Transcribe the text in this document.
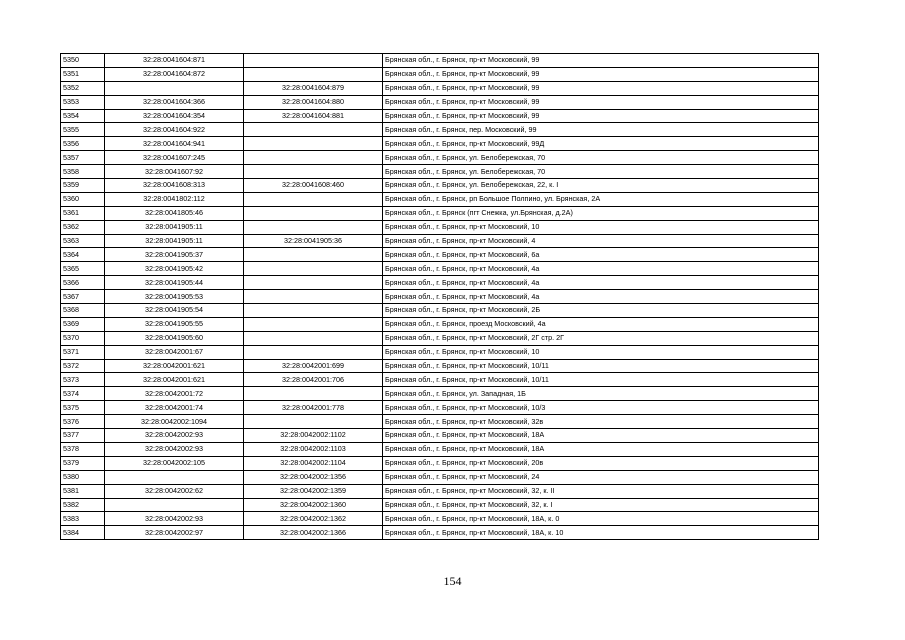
5350	32:28:0041604:871		Брянская обл., г. Брянск, пр-кт Московский, 99
5351	32:28:0041604:872		Брянская обл., г. Брянск, пр-кт Московский, 99
5352		32:28:0041604:879	Брянская обл., г. Брянск, пр-кт Московский, 99
5353	32:28:0041604:366	32:28:0041604:880	Брянская обл., г. Брянск, пр-кт Московский, 99
5354	32:28:0041604:354	32:28:0041604:881	Брянская обл., г. Брянск, пр-кт Московский, 99
5355	32:28:0041604:922		Брянская обл., г. Брянск, пер. Московский, 99
5356	32:28:0041604:941		Брянская обл., г. Брянск, пр-кт Московский, 99Д
5357	32:28:0041607:245		Брянская обл., г. Брянск, ул. Белобережская, 70
5358	32:28:0041607:92		Брянская обл., г. Брянск, ул. Белобережская, 70
5359	32:28:0041608:313	32:28:0041608:460	Брянская обл., г. Брянск, ул. Белобережская, 22, к. I
5360	32:28:0041802:112		Брянская обл., г. Брянск, рп Большое Полпино, ул. Брянская, 2А
5361	32:28:0041805:46		Брянская обл., г. Брянск (пгт Снежка, ул.Брянская, д.2А)
5362	32:28:0041905:11		Брянская обл., г. Брянск, пр-кт Московский, 10
5363	32:28:0041905:11	32:28:0041905:36	Брянская обл., г. Брянск, пр-кт Московский, 4
5364	32:28:0041905:37		Брянская обл., г. Брянск, пр-кт Московский, 6а
5365	32:28:0041905:42		Брянская обл., г. Брянск, пр-кт Московский, 4а
5366	32:28:0041905:44		Брянская обл., г. Брянск, пр-кт Московский, 4а
5367	32:28:0041905:53		Брянская обл., г. Брянск, пр-кт Московский, 4а
5368	32:28:0041905:54		Брянская обл., г. Брянск, пр-кт Московский, 2Б
5369	32:28:0041905:55		Брянская обл., г. Брянск, проезд Московский, 4а
5370	32:28:0041905:60		Брянская обл., г. Брянск, пр-кт Московский, 2Г стр. 2Г
5371	32:28:0042001:67		Брянская обл., г. Брянск, пр-кт Московский, 10
5372	32:28:0042001:621	32:28:0042001:699	Брянская обл., г. Брянск, пр-кт Московский, 10/11
5373	32:28:0042001:621	32:28:0042001:706	Брянская обл., г. Брянск, пр-кт Московский, 10/11
5374	32:28:0042001:72		Брянская обл., г. Брянск, ул. Западная, 1Б
5375	32:28:0042001:74	32:28:0042001:778	Брянская обл., г. Брянск, пр-кт Московский, 10/3
5376	32:28:0042002:1094		Брянская обл., г. Брянск, пр-кт Московский, 32в
5377	32:28:0042002:93	32:28:0042002:1102	Брянская обл., г. Брянск, пр-кт Московский, 18А
5378	32:28:0042002:93	32:28:0042002:1103	Брянская обл., г. Брянск, пр-кт Московский, 18А
5379	32:28:0042002:105	32:28:0042002:1104	Брянская обл., г. Брянск, пр-кт Московский, 20в
5380		32:28:0042002:1356	Брянская обл., г. Брянск, пр-кт Московский, 24
5381	32:28:0042002:62	32:28:0042002:1359	Брянская обл., г. Брянск, пр-кт Московский, 32, к. II
5382		32:28:0042002:1360	Брянская обл., г. Брянск, пр-кт Московский, 32, к. I
5383	32:28:0042002:93	32:28:0042002:1362	Брянская обл., г. Брянск, пр-кт Московский, 18А, к. 0
5384	32:28:0042002:97	32:28:0042002:1366	Брянская обл., г. Брянск, пр-кт Московский, 18А, к. 10
154
